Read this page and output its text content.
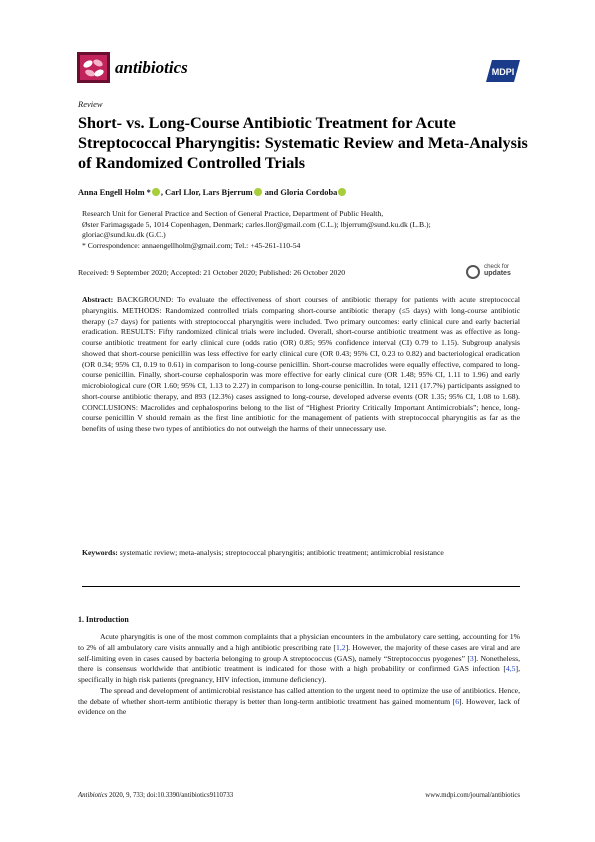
antibiotics	MDPI
Review
Short- vs. Long-Course Antibiotic Treatment for Acute Streptococcal Pharyngitis: Systematic Review and Meta-Analysis of Randomized Controlled Trials
Anna Engell Holm * , Carl Llor, Lars Bjerrum and Gloria Cordoba
Research Unit for General Practice and Section of General Practice, Department of Public Health,
Øster Farimagsgade 5, 1014 Copenhagen, Denmark; carles.llor@gmail.com (C.L.); lbjerrum@sund.ku.dk (L.B.);
gloriac@sund.ku.dk (G.C.)
* Correspondence: annaengellholm@gmail.com; Tel.: +45-261-110-54
Received: 9 September 2020; Accepted: 21 October 2020; Published: 26 October 2020
check for
updates
Abstract: BACKGROUND: To evaluate the effectiveness of short courses of antibiotic therapy for patients with acute streptococcal pharyngitis. METHODS: Randomized controlled trials comparing short-course antibiotic therapy (≤5 days) with long-course antibiotic therapy (≥7 days) for patients with streptococcal pharyngitis were included. Two primary outcomes: early clinical cure and early bacterial eradication. RESULTS: Fifty randomized clinical trials were included. Overall, short-course antibiotic treatment was as effective as long-course antibiotic treatment for early clinical cure (odds ratio (OR) 0.85; 95% confidence interval (CI) 0.79 to 1.15). Subgroup analysis showed that short-course penicillin was less effective for early clinical cure (OR 0.43; 95% CI, 0.23 to 0.82) and bacteriological eradication (OR 0.34; 95% CI, 0.19 to 0.61) in comparison to long-course penicillin. Short-course macrolides were equally effective, compared to long-course penicillin. Finally, short-course cephalosporin was more effective for early clinical cure (OR 1.48; 95% CI, 1.11 to 1.96) and early microbiological cure (OR 1.60; 95% CI, 1.13 to 2.27) in comparison to long-course penicillin. In total, 1211 (17.7%) participants assigned to short-course antibiotic therapy, and 893 (12.3%) cases assigned to long-course, developed adverse events (OR 1.35; 95% CI, 1.08 to 1.68). CONCLUSIONS: Macrolides and cephalosporins belong to the list of “Highest Priority Critically Important Antimicrobials”; hence, long-course penicillin V should remain as the first line antibiotic for the management of patients with streptococcal pharyngitis as far as the benefits of using these two types of antibiotics do not outweigh the harms of their unnecessary use.
Keywords: systematic review; meta-analysis; streptococcal pharyngitis; antibiotic treatment; antimicrobial resistance
1. Introduction

Acute pharyngitis is one of the most common complaints that a physician encounters in the ambulatory care setting, accounting for 1% to 2% of all ambulatory care visits annually and a high antibiotic prescribing rate [1,2]. However, the majority of these cases are viral and are self-limiting even in cases caused by bacteria belonging to group A streptococcus (GAS), namely “Streptococcus pyogenes” [3]. Nonetheless, there is consensus worldwide that antibiotic treatment is indicated for those with a high probability or confirmed GAS infection [4,5], specifically in high risk patients (pregnancy, HIV infection, immune deficiency).

The spread and development of antimicrobial resistance has called attention to the urgent need to optimize the use of antibiotics. Hence, the debate of whether short-term antibiotic therapy is better than long-term antibiotic treatment has gained momentum [6]. However, lack of evidence on the

Antibiotics 2020, 9, 733; doi:10.3390/antibiotics9110733	www.mdpi.com/journal/antibiotics
